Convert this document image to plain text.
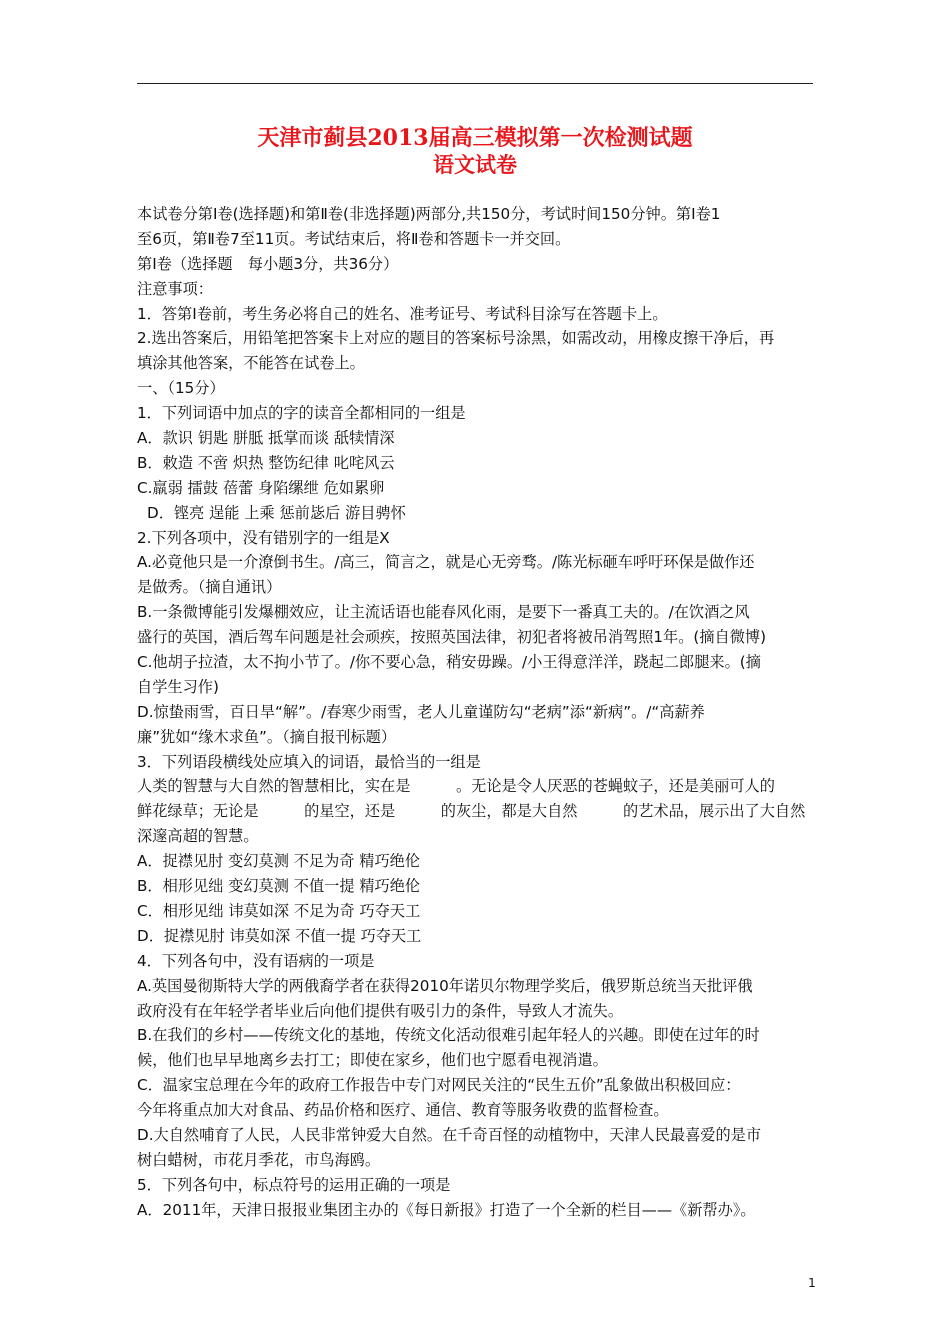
天津市蓟县2013届高三模拟第一次检测试题
语文试卷
本试卷分第Ⅰ卷(选择题)和第Ⅱ卷(非选择题)两部分,共150分，考试时间150分钟。第Ⅰ卷1
至6页，第Ⅱ卷7至11页。考试结束后，将Ⅱ卷和答题卡一并交回。
第Ⅰ卷（选择题　每小题3分，共36分）
注意事项：
1．答第Ⅰ卷前，考生务必将自己的姓名、准考证号、考试科目涂写在答题卡上。
2.选出答案后，用铅笔把答案卡上对应的题目的答案标号涂黑，如需改动，用橡皮擦干净后，再
填涂其他答案，不能答在试卷上。
一、（15分）
1．下列词语中加点的字的读音全都相同的一组是
A．款识 钥匙 胼胝 抵掌而谈 舐犊情深
B．敕造 不啻 炽热 整饬纪律 叱咤风云
C.羸弱 擂鼓 蓓蕾 身陷缧绁 危如累卵
D．铿亮 逞能 上乘 惩前毖后 游目骋怀
2.下列各项中，没有错别字的一组是X
A.必竟他只是一介潦倒书生。/高三，简言之，就是心无旁骛。/陈光标砸车呼吁环保是做作还
是做秀。（摘自通讯）
B.一条微博能引发爆棚效应，让主流话语也能春风化雨，是要下一番真工夫的。/在饮酒之风
盛行的英国，酒后驾车问题是社会顽疾，按照英国法律，初犯者将被吊消驾照1年。(摘自微博)
C.他胡子拉渣，太不拘小节了。/你不要心急，稍安毋躁。/小王得意洋洋，跷起二郎腿来。(摘
自学生习作)
D.惊蛰雨雪，百日旱“解”。/春寒少雨雪，老人儿童谨防勾“老病”添“新病”。/“高薪养
廉”犹如“缘木求鱼”。（摘自报刊标题）
3．下列语段横线处应填入的词语，最恰当的一组是
人类的智慧与大自然的智慧相比，实在是　　　。无论是令人厌恶的苍蝇蚊子，还是美丽可人的
鲜花绿草；无论是　　　的星空，还是　　　的灰尘，都是大自然　　　的艺术品，展示出了大自然
深邃高超的智慧。
A．捉襟见肘 变幻莫测 不足为奇 精巧绝伦
B．相形见绌 变幻莫测 不值一提 精巧绝伦
C．相形见绌 讳莫如深 不足为奇 巧夺天工
D．捉襟见肘 讳莫如深 不值一提 巧夺天工
4．下列各句中，没有语病的一项是
A.英国曼彻斯特大学的两俄裔学者在获得2010年诺贝尔物理学奖后，俄罗斯总统当天批评俄
政府没有在年轻学者毕业后向他们提供有吸引力的条件，导致人才流失。
B.在我们的乡村——传统文化的基地，传统文化活动很难引起年轻人的兴趣。即使在过年的时
候，他们也早早地离乡去打工；即使在家乡，他们也宁愿看电视消遣。
C．温家宝总理在今年的政府工作报告中专门对网民关注的“民生五价”乱象做出积极回应：
今年将重点加大对食品、药品价格和医疗、通信、教育等服务收费的监督检查。
D.大自然哺育了人民，人民非常钟爱大自然。在千奇百怪的动植物中，天津人民最喜爱的是市
树白蜡树，市花月季花，市鸟海鸥。
5．下列各句中，标点符号的运用正确的一项是
A．2011年，天津日报报业集团主办的《每日新报》打造了一个全新的栏目——《新帮办》。
1
